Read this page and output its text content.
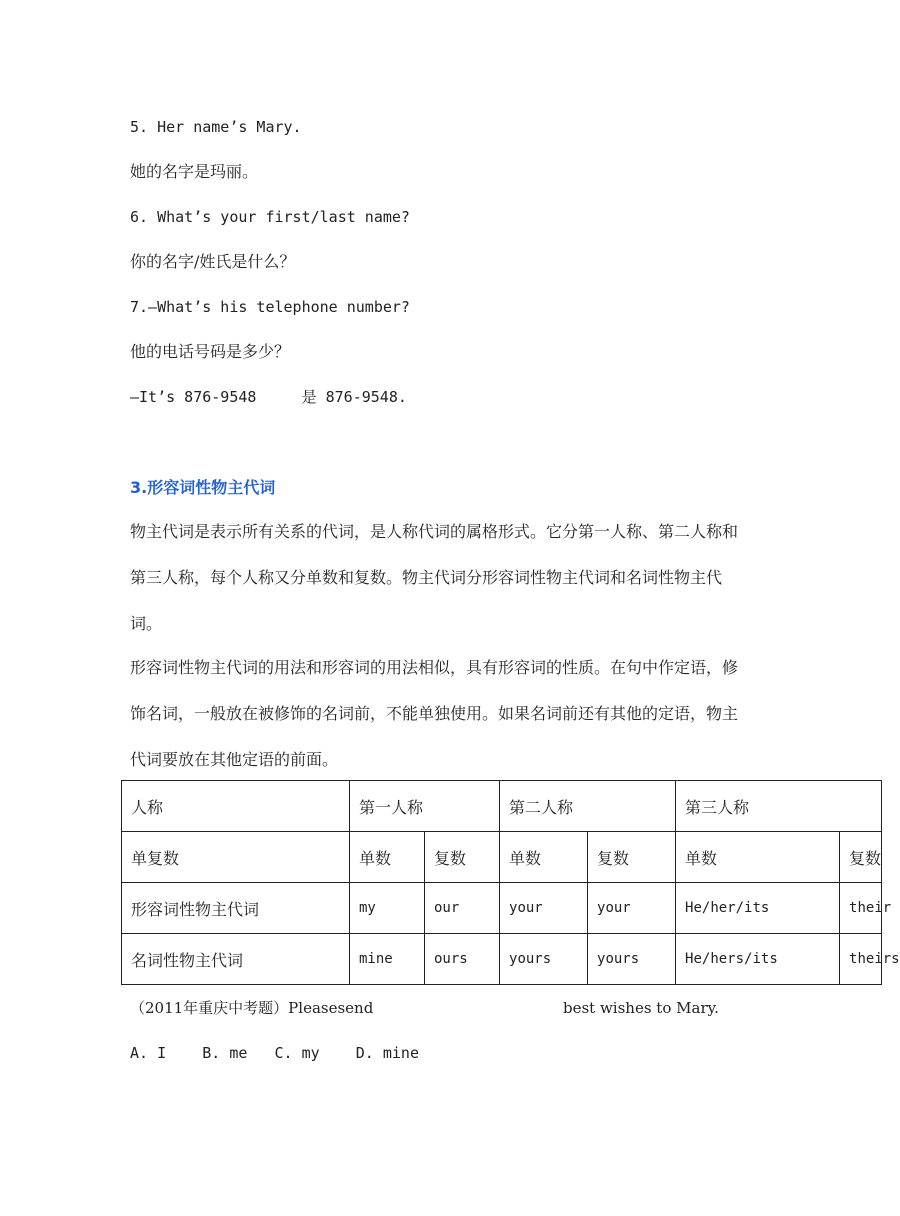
5. Her name’s Mary.
她的名字是玛丽。
6. What’s your first/last name?
你的名字/姓氏是什么？
7.—What’s his telephone number?
他的电话号码是多少？
—It’s 876-9548     是 876-9548.
3.形容词性物主代词

物主代词是表示所有关系的代词，是人称代词的属格形式。它分第一人称、第二人称和第三人称，每个人称又分单数和复数。物主代词分形容词性物主代词和名词性物主代词。

形容词性物主代词的用法和形容词的用法相似，具有形容词的性质。在句中作定语，修饰名词，一般放在被修饰的名词前，不能单独使用。如果名词前还有其他的定语，物主代词要放在其他定语的前面。

人称	第一人称		第二人称		第三人称	
单复数	单数	复数	单数	复数	单数	复数
形容词性物主代词	my	our	your	your	He/her/its	their
名词性物主代词	mine	ours	yours	yours	He/hers/its	theirs
（2011年重庆中考题）Pleasesend	best wishes to Mary.
A. I    B. me   C. my    D. mine
